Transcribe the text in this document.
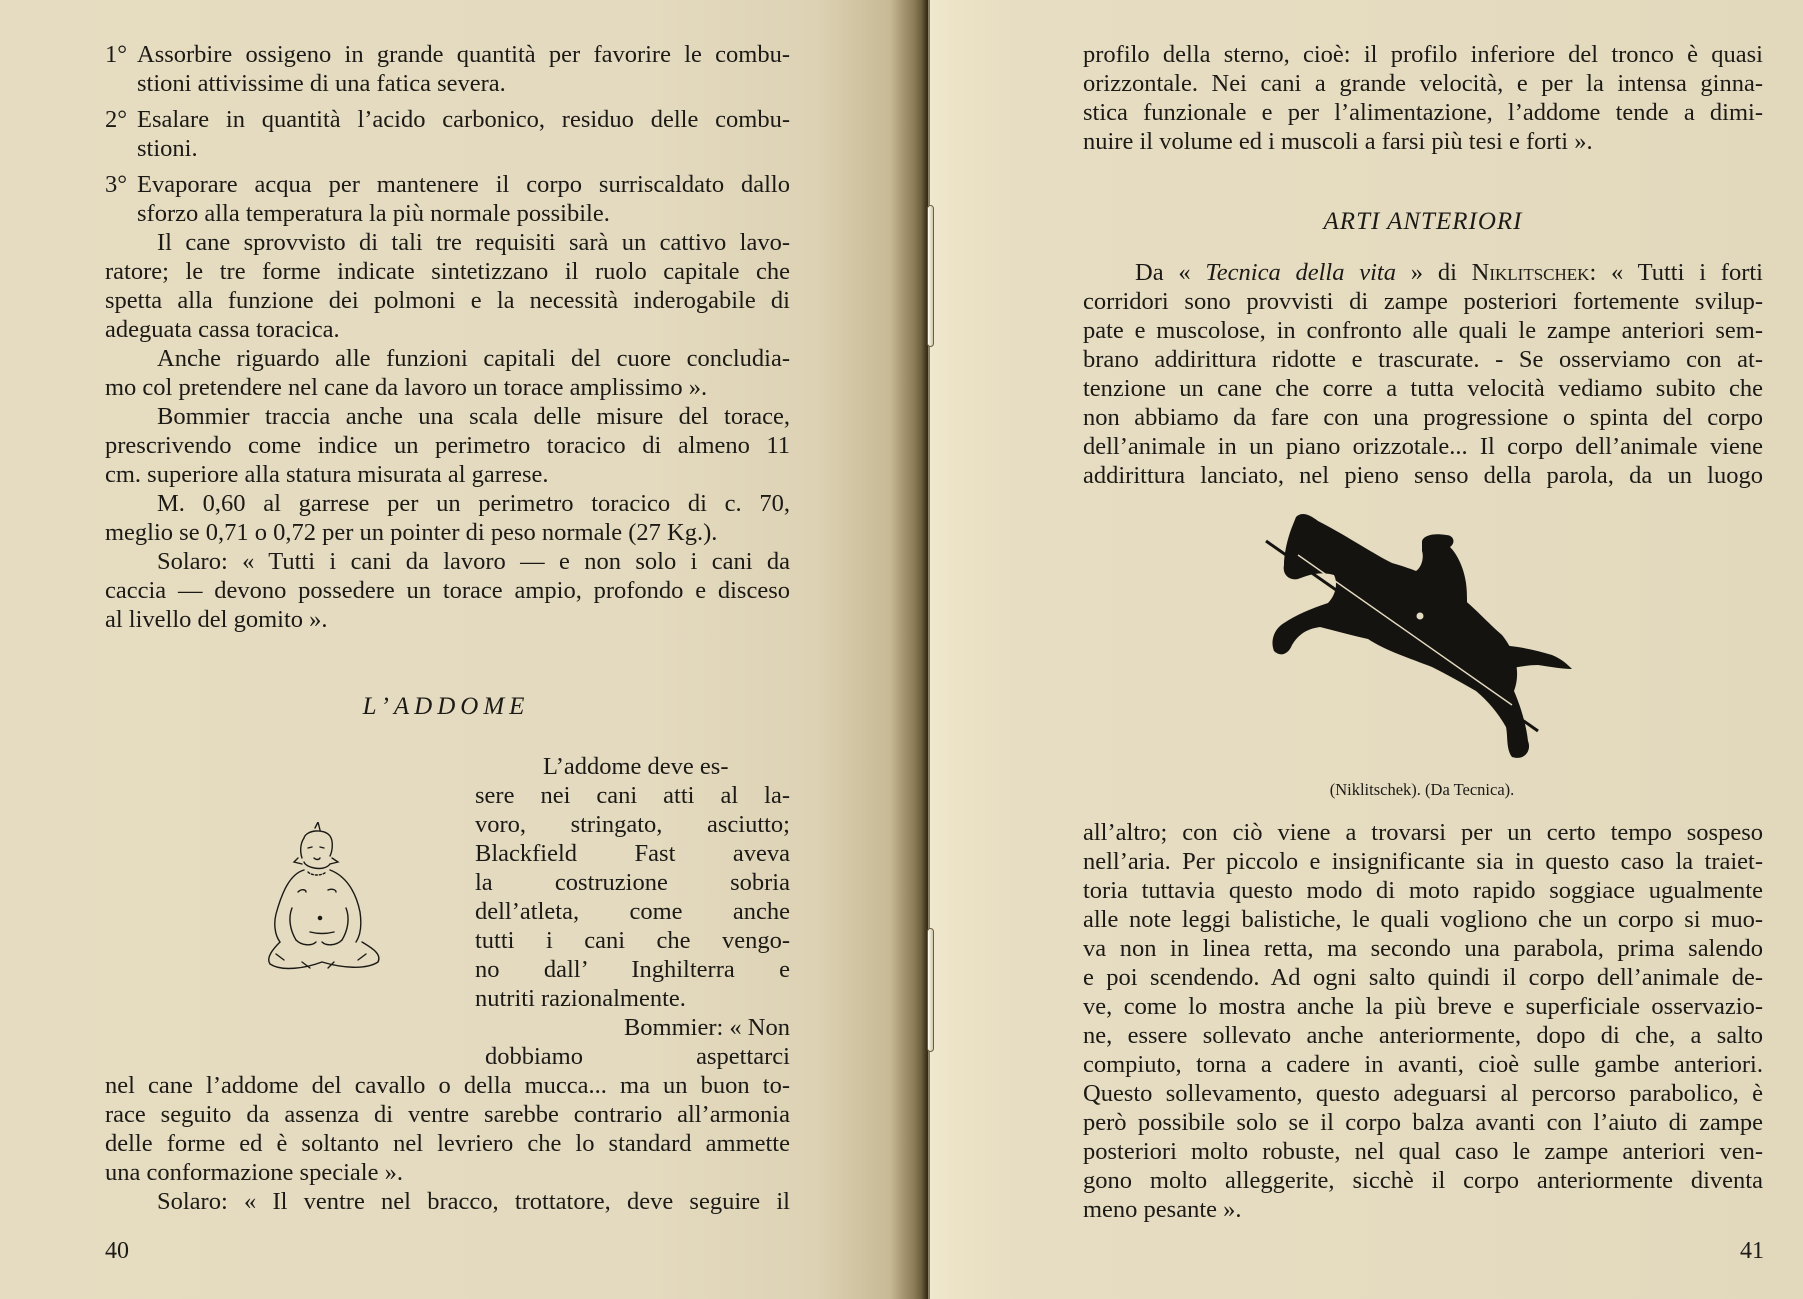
1° Assorbire ossigeno in grande quantità per favorire le combu-
stioni attivissime di una fatica severa.
2° Esalare in quantità l’acido carbonico, residuo delle combu-
stioni.
3° Evaporare acqua per mantenere il corpo surriscaldato dallo
sforzo alla temperatura la più normale possibile.
Il cane sprovvisto di tali tre requisiti sarà un cattivo lavo-
ratore; le tre forme indicate sintetizzano il ruolo capitale che
spetta alla funzione dei polmoni e la necessità inderogabile di
adeguata cassa toracica.
Anche riguardo alle funzioni capitali del cuore concludia-
mo col pretendere nel cane da lavoro un torace amplissimo ».
Bommier traccia anche una scala delle misure del torace,
prescrivendo come indice un perimetro toracico di almeno 11
cm. superiore alla statura misurata al garrese.
M. 0,60 al garrese per un perimetro toracico di c. 70,
meglio se 0,71 o 0,72 per un pointer di peso normale (27 Kg.).
Solaro: « Tutti i cani da lavoro — e non solo i cani da
caccia — devono possedere un torace ampio, profondo e disceso
al livello del gomito ».
L’ADDOME
L’addome deve es-
sere nei cani atti al la-
voro, stringato, asciutto;
Blackfield Fast aveva
la costruzione sobria
dell’atleta, come anche
tutti i cani che vengo-
no dall’ Inghilterra e
nutriti razionalmente.
Bommier: « Non
dobbiamo aspettarci
nel cane l’addome del cavallo o della mucca... ma un buon to-
race seguito da assenza di ventre sarebbe contrario all’armonia
delle forme ed è soltanto nel levriero che lo standard ammette
una conformazione speciale ».
Solaro: « Il ventre nel bracco, trottatore, deve seguire il
40
profilo della sterno, cioè: il profilo inferiore del tronco è quasi
orizzontale. Nei cani a grande velocità, e per la intensa ginna-
stica funzionale e per l’alimentazione, l’addome tende a dimi-
nuire il volume ed i muscoli a farsi più tesi e forti ».
ARTI ANTERIORI
Da « Tecnica della vita » di Niklitschek: « Tutti i forti
corridori sono provvisti di zampe posteriori fortemente svilup-
pate e muscolose, in confronto alle quali le zampe anteriori sem-
brano addirittura ridotte e trascurate. - Se osserviamo con at-
tenzione un cane che corre a tutta velocità vediamo subito che
non abbiamo da fare con una progressione o spinta del corpo
dell’animale in un piano orizzotale... Il corpo dell’animale viene
addirittura lanciato, nel pieno senso della parola, da un luogo
(Niklitschek). (Da Tecnica).
all’altro; con ciò viene a trovarsi per un certo tempo sospeso
nell’aria. Per piccolo e insignificante sia in questo caso la traiet-
toria tuttavia questo modo di moto rapido soggiace ugualmente
alle note leggi balistiche, le quali vogliono che un corpo si muo-
va non in linea retta, ma secondo una parabola, prima salendo
e poi scendendo. Ad ogni salto quindi il corpo dell’animale de-
ve, come lo mostra anche la più breve e superficiale osservazio-
ne, essere sollevato anche anteriormente, dopo di che, a salto
compiuto, torna a cadere in avanti, cioè sulle gambe anteriori.
Questo sollevamento, questo adeguarsi al percorso parabolico, è
però possibile solo se il corpo balza avanti con l’aiuto di zampe
posteriori molto robuste, nel qual caso le zampe anteriori ven-
gono molto alleggerite, sicchè il corpo anteriormente diventa
meno pesante ».
41
